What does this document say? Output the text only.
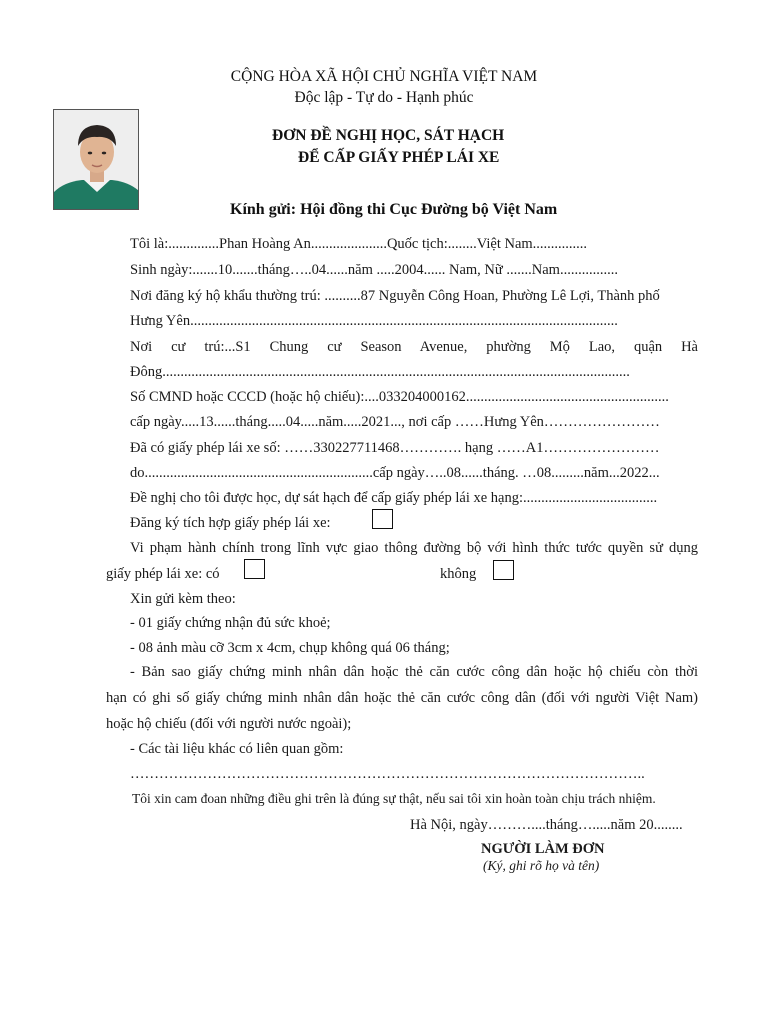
CỘNG HÒA XÃ HỘI CHỦ NGHĨA VIỆT NAM
Độc lập - Tự do - Hạnh phúc
ĐƠN ĐỀ NGHỊ HỌC, SÁT HẠCH
ĐỂ CẤP GIẤY PHÉP LÁI XE
Kính gửi: Hội đồng thi Cục Đường bộ Việt Nam
Tôi là:..............Phan Hoàng An.....................Quốc tịch:........Việt Nam...............
Sinh ngày:.......10.......tháng…..04......năm .....2004...... Nam, Nữ .......Nam................
Nơi đăng ký hộ khẩu thường trú: ..........87 Nguyễn Công Hoan, Phường Lê Lợi, Thành phố
Hưng Yên......................................................................................................................
Nơi cư trú:...S1 Chung cư Season Avenue, phường Mộ Lao, quận Hà
Đông.................................................................................................................................
Số CMND hoặc CCCD (hoặc hộ chiếu):....033204000162........................................................
cấp ngày.....13......tháng.....04.....năm.....2021..., nơi cấp ……Hưng Yên……………………
Đã có giấy phép lái xe số: ……330227711468…………. hạng ……A1……………………
do...............................................................cấp ngày…..08......tháng. …08.........năm...2022...
Đề nghị cho tôi được học, dự sát hạch để cấp giấy phép lái xe hạng:.....................................
Đăng ký tích hợp giấy phép lái xe:
Vi phạm hành chính trong lĩnh vực giao thông đường bộ với hình thức tước quyền sử dụng
giấy phép lái xe: có	không
Xin gửi kèm theo:
- 01 giấy chứng nhận đủ sức khoẻ;
- 08 ảnh màu cỡ 3cm x 4cm, chụp không quá 06 tháng;
- Bản sao giấy chứng minh nhân dân hoặc thẻ căn cước công dân hoặc hộ chiếu còn thời
hạn có ghi số giấy chứng minh nhân dân hoặc thẻ căn cước công dân (đối với người Việt Nam)
hoặc hộ chiếu (đối với người nước ngoài);
- Các tài liệu khác có liên quan gồm:
……………………………………………………………………………………………..
Tôi xin cam đoan những điều ghi trên là đúng sự thật, nếu sai tôi xin hoàn toàn chịu trách nhiệm.
Hà Nội, ngày………....tháng….....năm 20........
NGƯỜI LÀM ĐƠN
(Ký, ghi rõ họ và tên)
